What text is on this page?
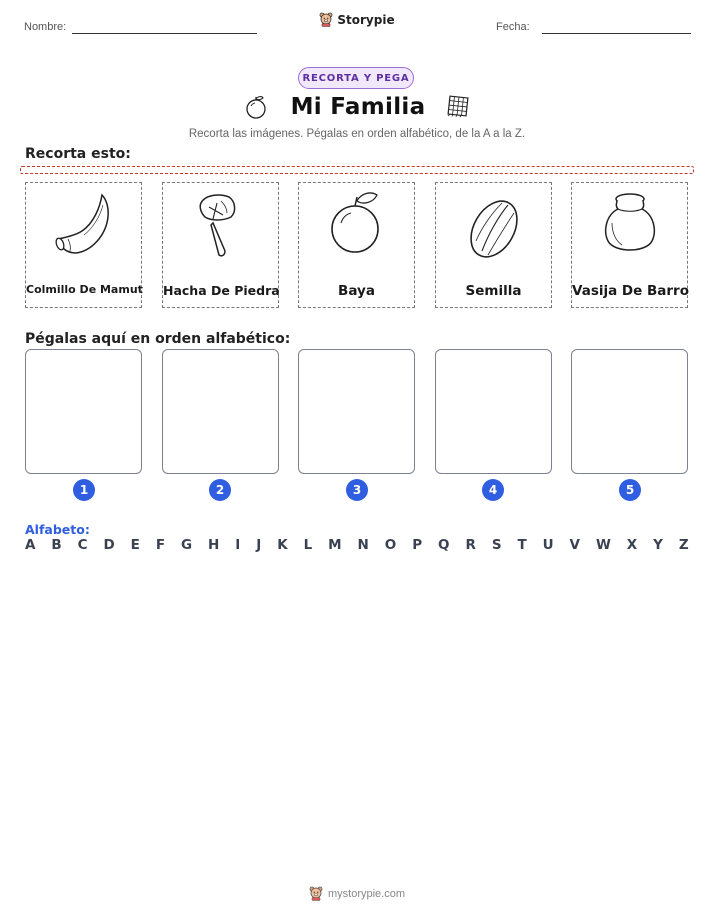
Nombre:
Storypie
Fecha:
RECORTA Y PEGA
Mi Familia
Recorta las imágenes. Pégalas en orden alfabético, de la A a la Z.
Recorta esto:
Colmillo De Mamut Hacha De Piedra	Baya	Semilla	Vasija De Barro
Pégalas aquí en orden alfabético:
1	2	3	4	5
Alfabeto:
A B C D E F G H I J K L M N O P Q R S T U V W X Y Z
mystorypie.com
